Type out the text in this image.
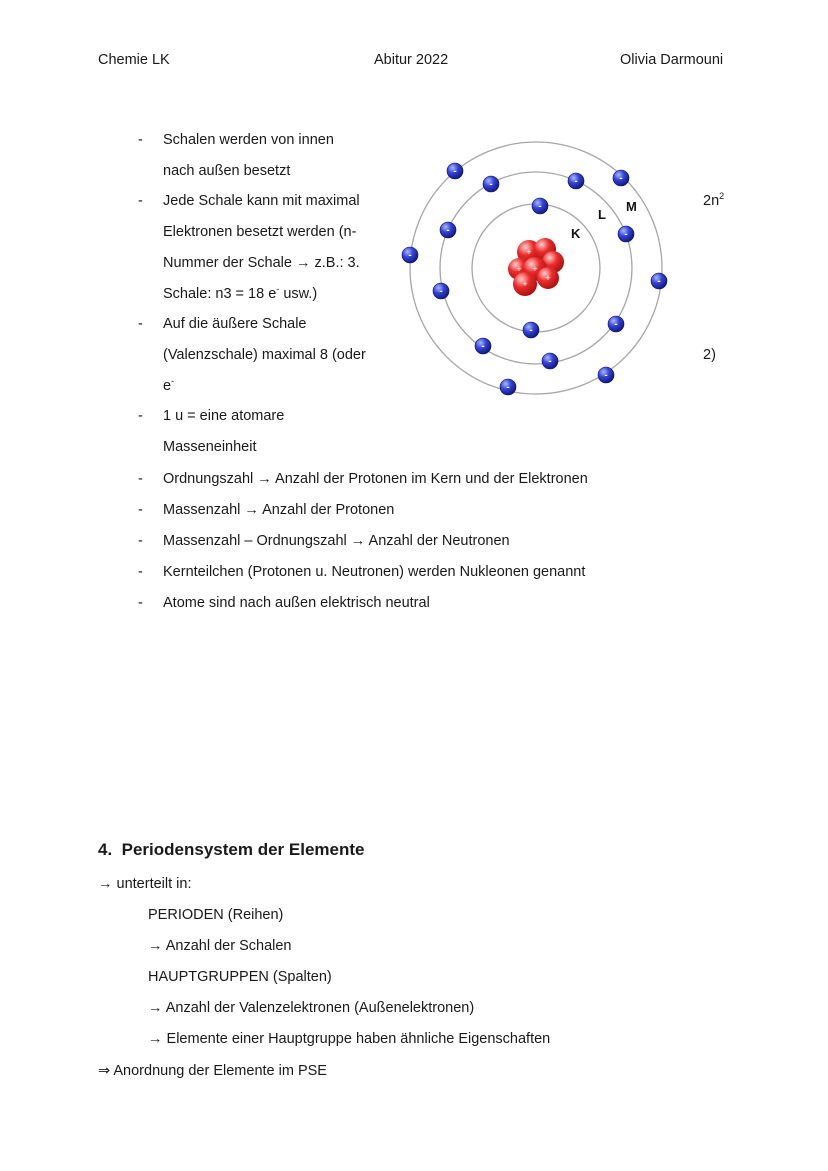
Chemie LK	Abitur 2022	Olivia Darmouni
- Schalen werden von innen
nach außen besetzt
- Jede Schale kann mit maximal
Elektronen besetzt werden (n-
Nummer der Schale → z.B.: 3.
Schale: n3 = 18 e- usw.)
- Auf die äußere Schale
(Valenzschale) maximal 8 (oder
e-
- 1 u = eine atomare
Masseneinheit
$2n^2$
2)
+
+ +
+
+
K
L
M
-
-
-
-
-	-
-
-
-
-
-
-
-
-
-
-
- Ordnungszahl → Anzahl der Protonen im Kern und der Elektronen
- Massenzahl → Anzahl der Protonen
- Massenzahl – Ordnungszahl → Anzahl der Neutronen
- Kernteilchen (Protonen u. Neutronen) werden Nukleonen genannt
- Atome sind nach außen elektrisch neutral
4. Periodensystem der Elemente
→ unterteilt in:
PERIODEN (Reihen)
→ Anzahl der Schalen
HAUPTGRUPPEN (Spalten)
→ Anzahl der Valenzelektronen (Außenelektronen)
→ Elemente einer Hauptgruppe haben ähnliche Eigenschaften
⇒ Anordnung der Elemente im PSE
